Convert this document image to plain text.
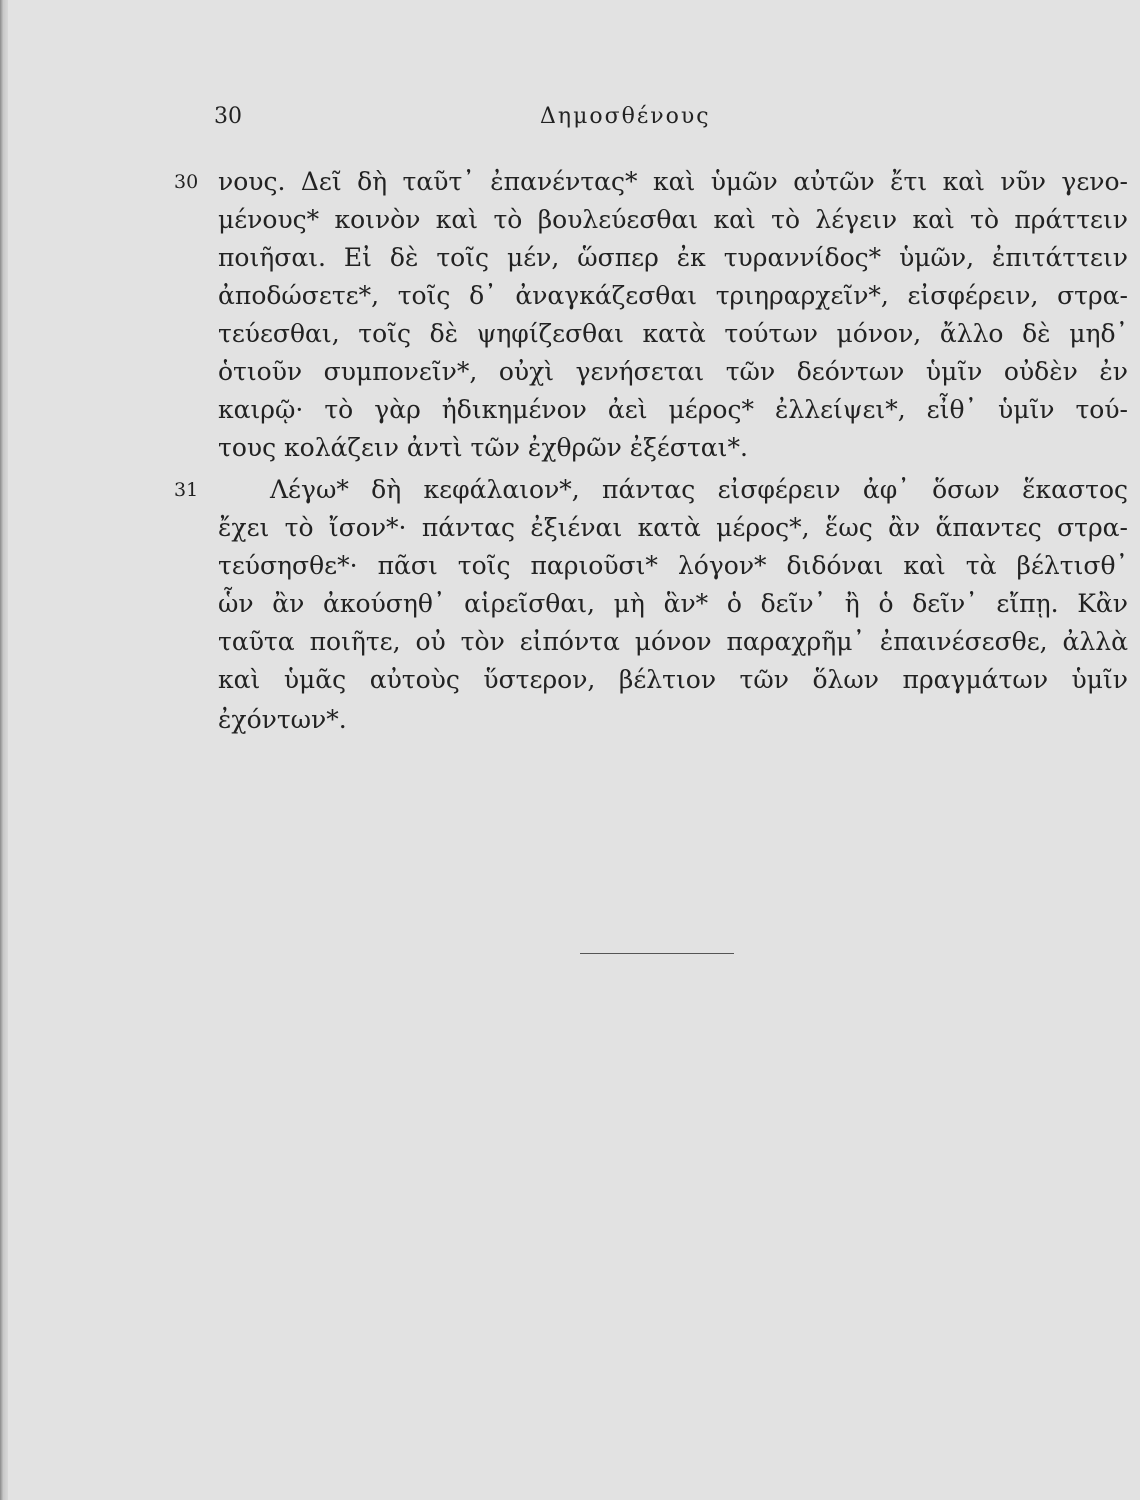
30	Δημοσθένους
30 νους. Δεῖ δὴ ταῦτ᾽ ἐπανέντας* καὶ ὑμῶν αὐτῶν ἔτι καὶ νῦν γενο-
μένους* κοινὸν καὶ τὸ βουλεύεσθαι καὶ τὸ λέγειν καὶ τὸ πράττειν
ποιῆσαι. Εἰ δὲ τοῖς μέν, ὥσπερ ἐκ τυραννίδος* ὑμῶν, ἐπιτάττειν
ἀποδώσετε*, τοῖς δ᾽ ἀναγκάζεσθαι τριηραρχεῖν*, εἰσφέρειν, στρα-
τεύεσθαι, τοῖς δὲ ψηφίζεσθαι κατὰ τούτων μόνον, ἄλλο δὲ μηδ᾽
ὁτιοῦν συμπονεῖν*, οὐχὶ γενήσεται τῶν δεόντων ὑμῖν οὐδὲν ἐν
καιρῷ· τὸ γὰρ ἠδικημένον ἀεὶ μέρος* ἐλλείψει*, εἶθ᾽ ὑμῖν τού-
τους κολάζειν ἀντὶ τῶν ἐχθρῶν ἐξέσται*.
31	Λέγω* δὴ κεφάλαιον*, πάντας εἰσφέρειν ἀφ᾽ ὅσων ἕκαστος
ἔχει τὸ ἴσον*· πάντας ἐξιέναι κατὰ μέρος*, ἕως ἂν ἅπαντες στρα-
τεύσησθε*· πᾶσι τοῖς παριοῦσι* λόγον* διδόναι καὶ τὰ βέλτισθ᾽
ὧν ἂν ἀκούσηθ᾽ αἱρεῖσθαι, μὴ ἃν* ὁ δεῖν᾽ ἢ ὁ δεῖν᾽ εἴπῃ. Κἂν
ταῦτα ποιῆτε, οὐ τὸν εἰπόντα μόνον παραχρῆμ᾽ ἐπαινέσεσθε, ἀλλὰ
καὶ ὑμᾶς αὐτοὺς ὕστερον, βέλτιον τῶν ὅλων πραγμάτων ὑμῖν
ἐχόντων*.
